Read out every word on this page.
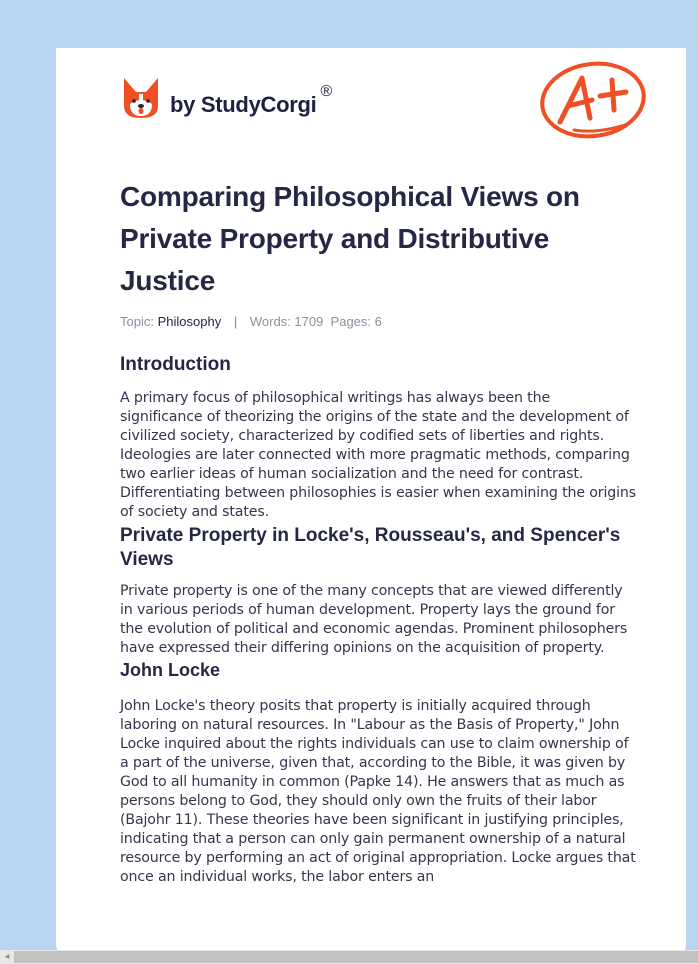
by StudyCorgi
®
Comparing Philosophical Views on Private Property and Distributive Justice
Topic: Philosophy | Words: 1709 Pages: 6
Introduction

A primary focus of philosophical writings has always been the significance of theorizing the origins of the state and the development of civilized society, characterized by codified sets of liberties and rights. Ideologies are later connected with more pragmatic methods, comparing two earlier ideas of human socialization and the need for contrast. Differentiating between philosophies is easier when examining the origins of society and states.

Private Property in Locke's, Rousseau's, and Spencer's Views

Private property is one of the many concepts that are viewed differently in various periods of human development. Property lays the ground for the evolution of political and economic agendas. Prominent philosophers have expressed their differing opinions on the acquisition of property.

John Locke

John Locke's theory posits that property is initially acquired through laboring on natural resources. In "Labour as the Basis of Property," John Locke inquired about the rights individuals can use to claim ownership of a part of the universe, given that, according to the Bible, it was given by God to all humanity in common (Papke 14). He answers that as much as persons belong to God, they should only own the fruits of their labor (Bajohr 11). These theories have been significant in justifying principles, indicating that a person can only gain permanent ownership of a natural resource by performing an act of original appropriation. Locke argues that once an individual works, the labor enters an

◂
